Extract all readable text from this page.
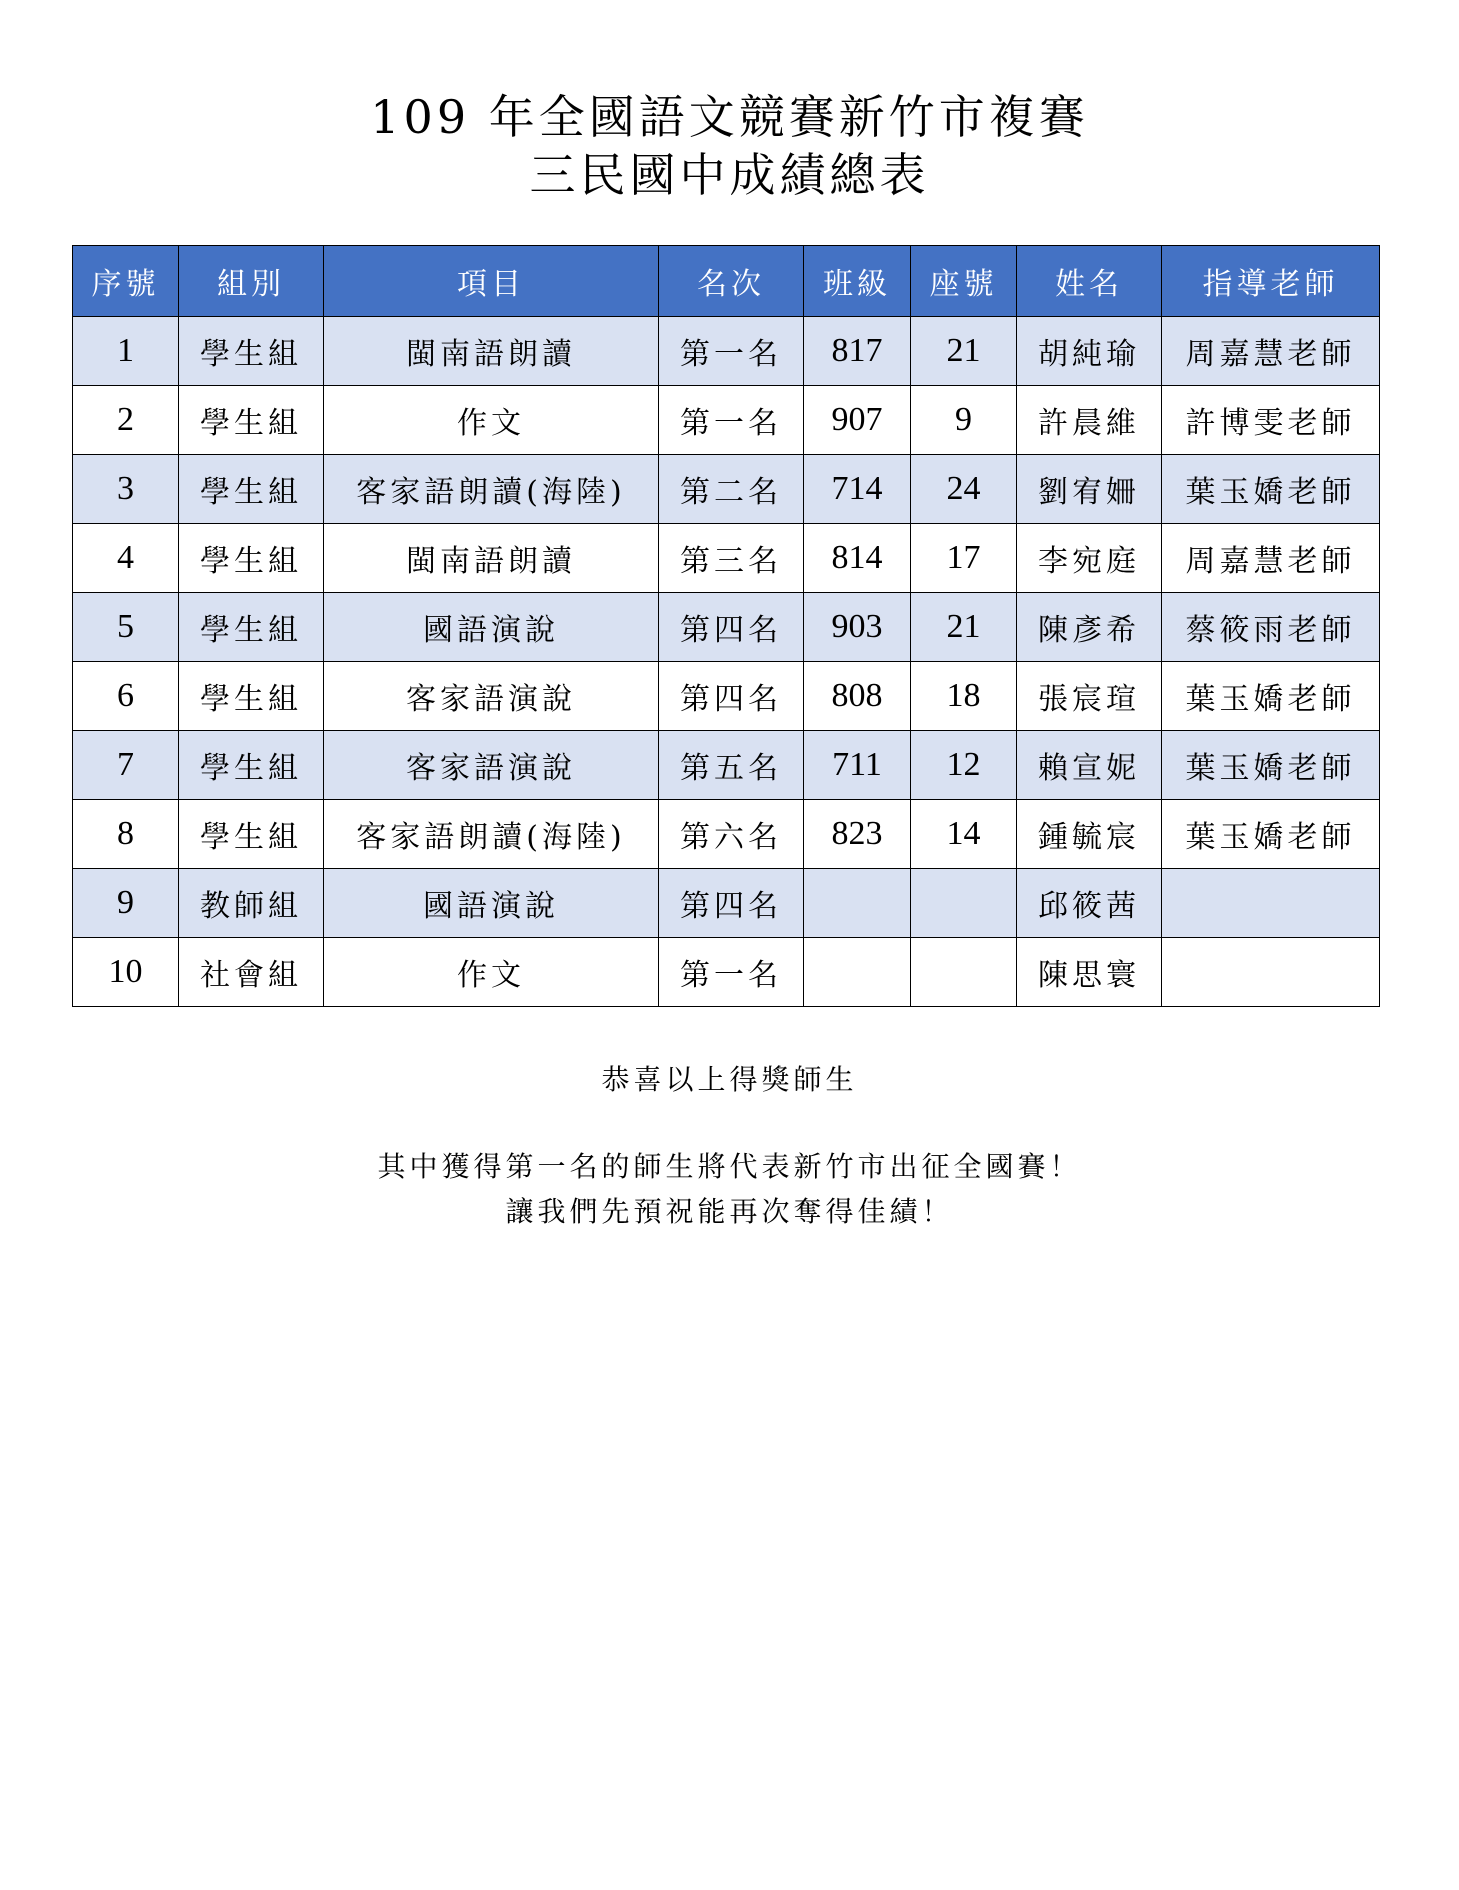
109 年全國語文競賽新竹市複賽
三民國中成績總表
序號	組別	項目	名次	班級	座號	姓名	指導老師
1	學生組	閩南語朗讀	第一名	817	21	胡純瑜	周嘉慧老師
2	學生組	作文	第一名	907	9	許晨維	許博雯老師
3	學生組	客家語朗讀(海陸)	第二名	714	24	劉宥姍	葉玉嬌老師
4	學生組	閩南語朗讀	第三名	814	17	李宛庭	周嘉慧老師
5	學生組	國語演說	第四名	903	21	陳彥希	蔡筱雨老師
6	學生組	客家語演說	第四名	808	18	張宸瑄	葉玉嬌老師
7	學生組	客家語演說	第五名	711	12	賴宣妮	葉玉嬌老師
8	學生組	客家語朗讀(海陸)	第六名	823	14	鍾毓宸	葉玉嬌老師
9	教師組	國語演說	第四名			邱筱茜	
10	社會組	作文	第一名			陳思寰	
恭喜以上得獎師生
其中獲得第一名的師生將代表新竹市出征全國賽！
讓我們先預祝能再次奪得佳績！
